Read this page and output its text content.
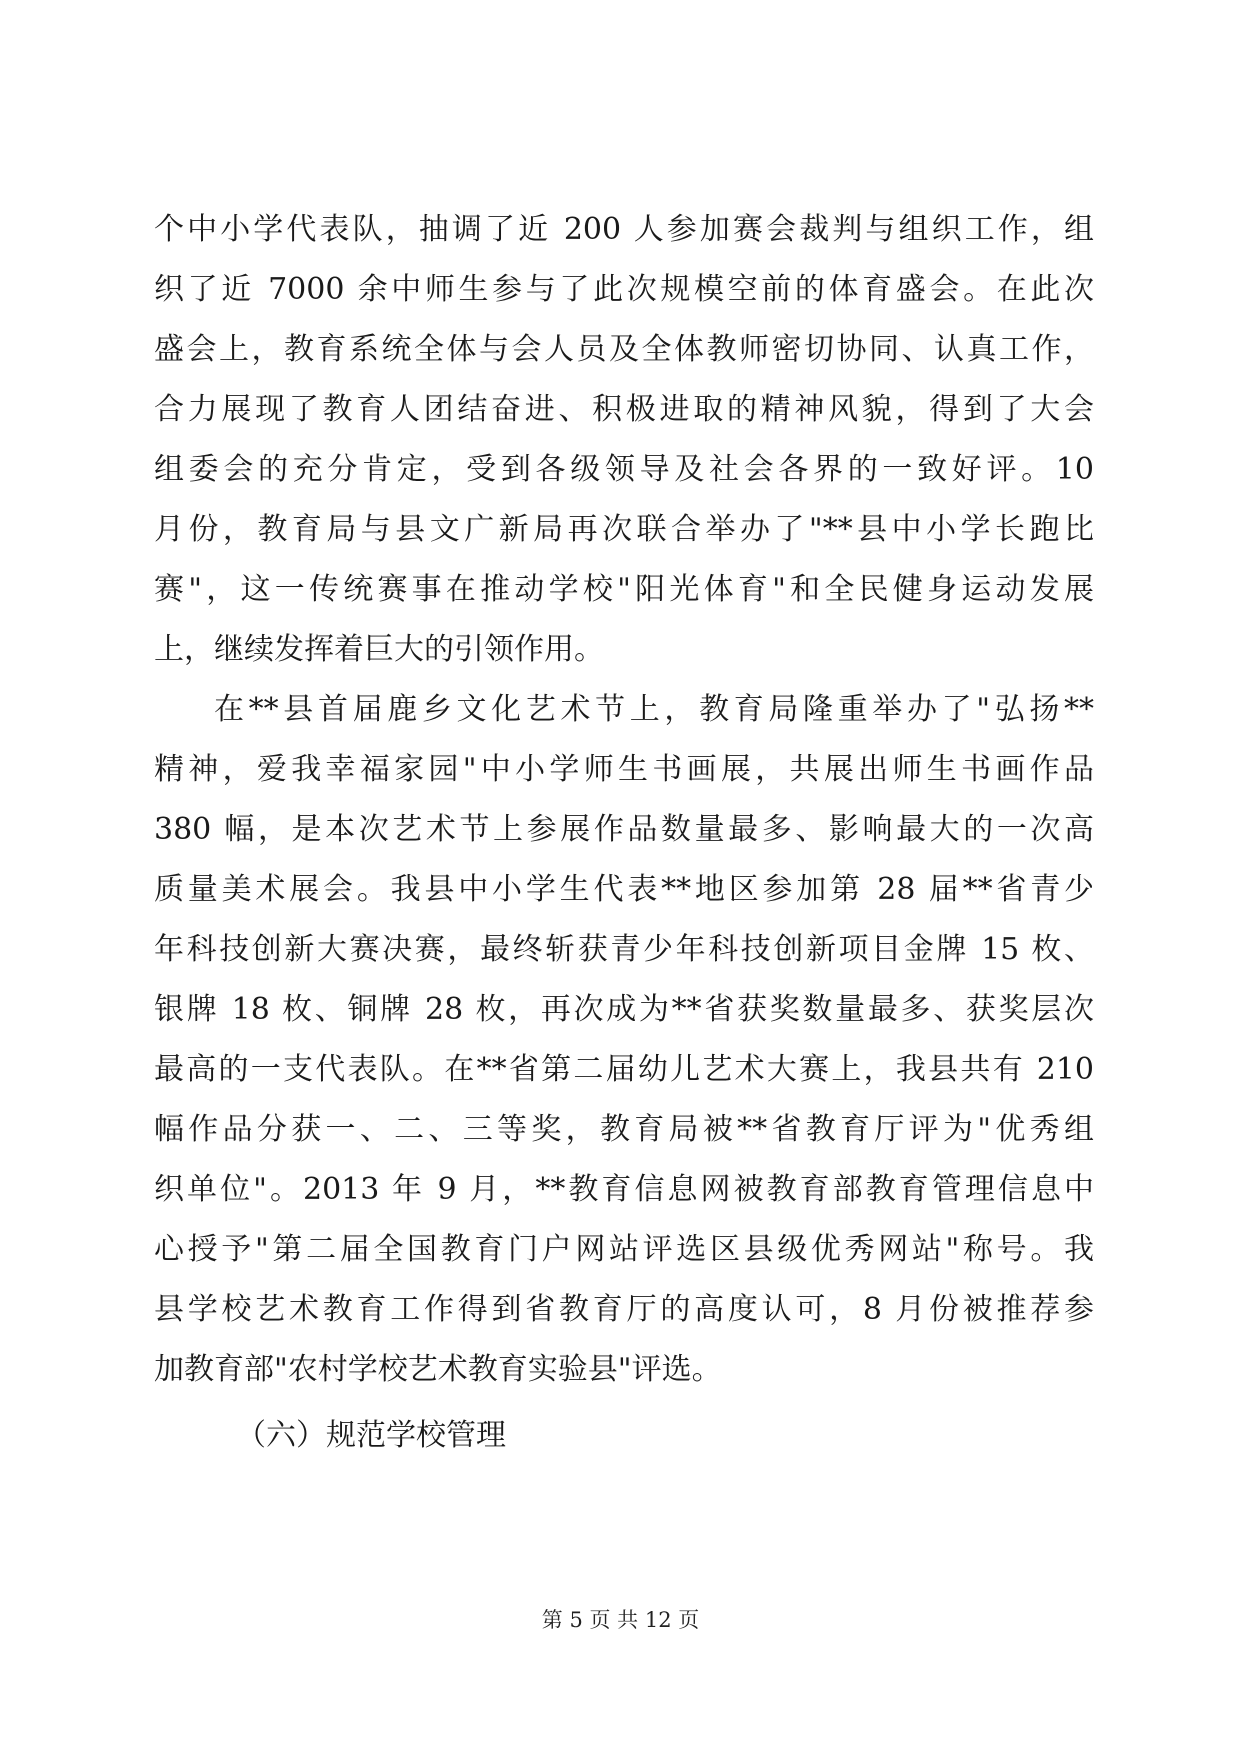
个中小学代表队，抽调了近 200 人参加赛会裁判与组织工作，组
织了近 7000 余中师生参与了此次规模空前的体育盛会。在此次
盛会上，教育系统全体与会人员及全体教师密切协同、认真工作，
合力展现了教育人团结奋进、积极进取的精神风貌，得到了大会
组委会的充分肯定，受到各级领导及社会各界的一致好评。10
月份，教育局与县文广新局再次联合举办了"**县中小学长跑比
赛"，这一传统赛事在推动学校"阳光体育"和全民健身运动发展
上，继续发挥着巨大的引领作用。
在**县首届鹿乡文化艺术节上，教育局隆重举办了"弘扬**
精神，爱我幸福家园"中小学师生书画展，共展出师生书画作品
380 幅，是本次艺术节上参展作品数量最多、影响最大的一次高
质量美术展会。我县中小学生代表**地区参加第 28 届**省青少
年科技创新大赛决赛，最终斩获青少年科技创新项目金牌 15 枚、
银牌 18 枚、铜牌 28 枚，再次成为**省获奖数量最多、获奖层次
最高的一支代表队。在**省第二届幼儿艺术大赛上，我县共有 210
幅作品分获一、二、三等奖，教育局被**省教育厅评为"优秀组
织单位"。2013 年 9 月，**教育信息网被教育部教育管理信息中
心授予"第二届全国教育门户网站评选区县级优秀网站"称号。我
县学校艺术教育工作得到省教育厅的高度认可，8 月份被推荐参
加教育部"农村学校艺术教育实验县"评选。
（六）规范学校管理
第 5 页 共 12 页
